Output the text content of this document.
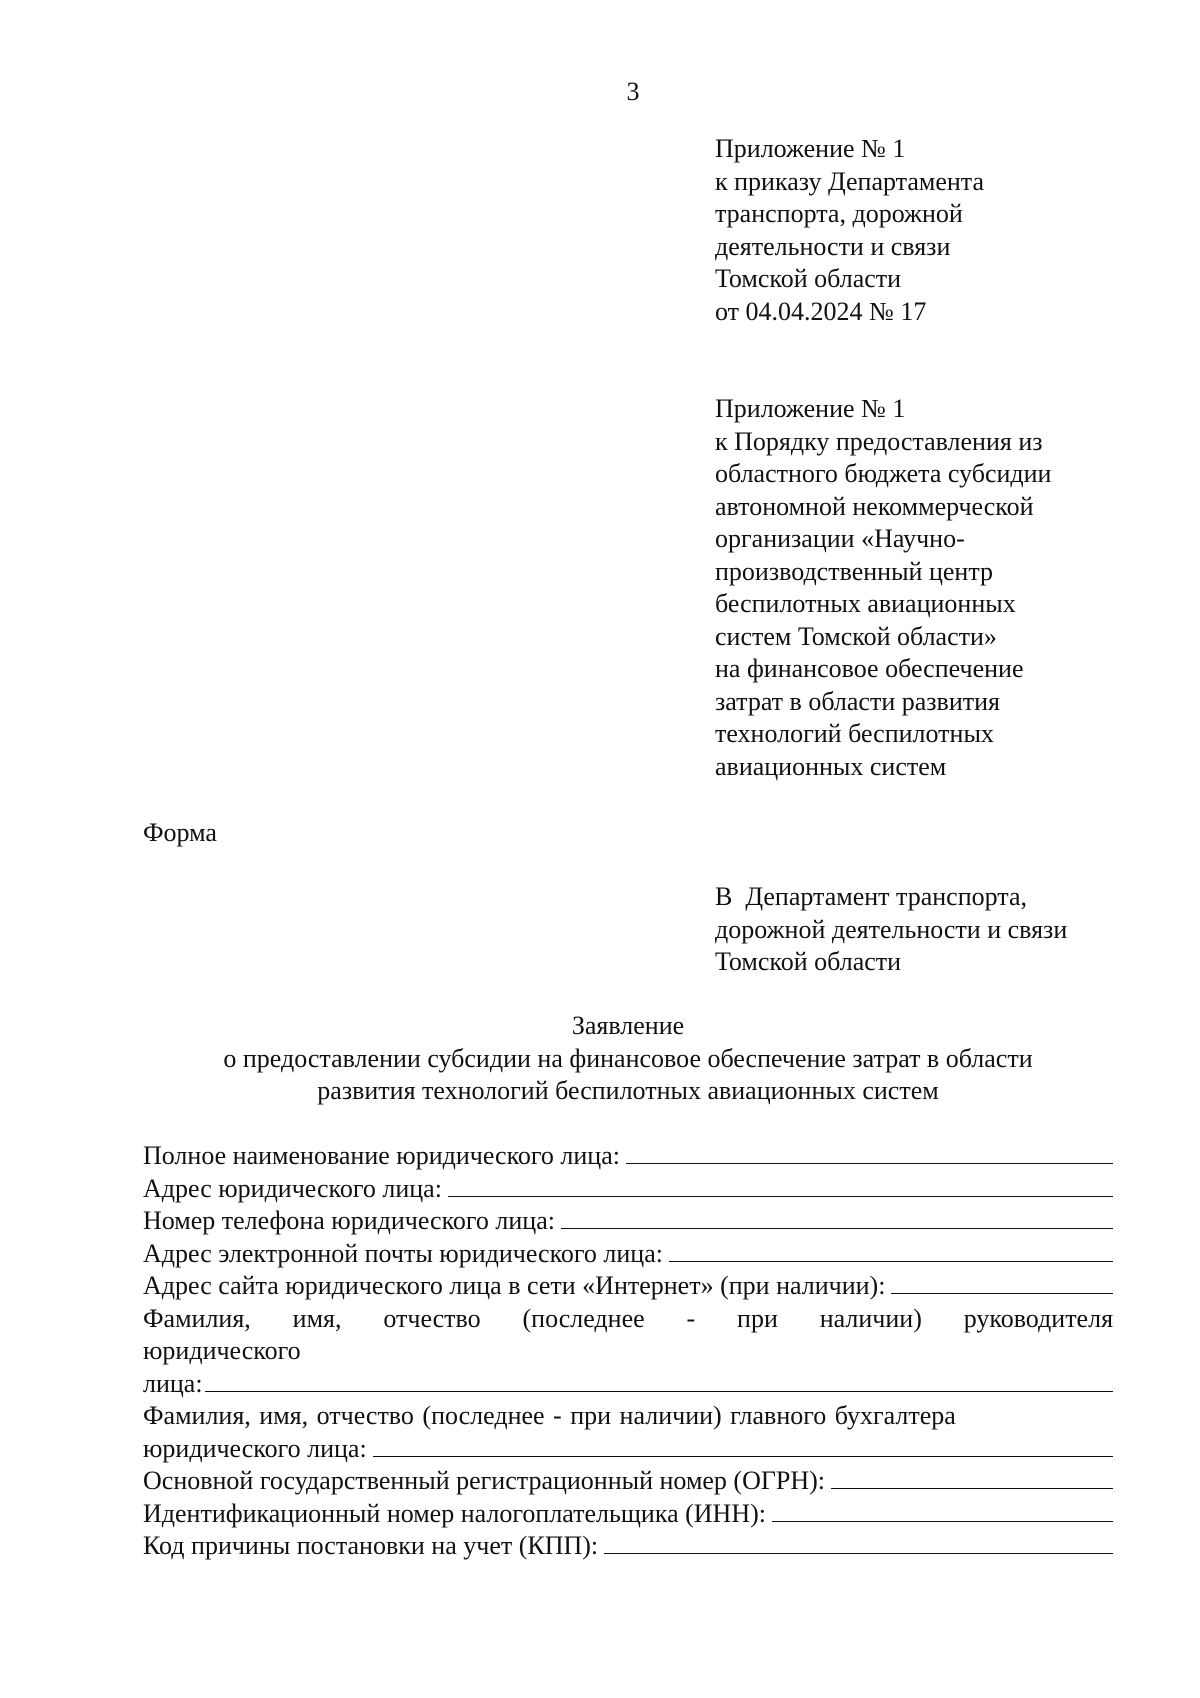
3
Приложение № 1
к приказу Департамента
транспорта, дорожной
деятельности и связи
Томской области
от 04.04.2024 № 17
Приложение № 1
к Порядку предоставления из
областного бюджета субсидии
автономной некоммерческой
организации «Научно-
производственный центр
беспилотных авиационных
систем Томской области»
на финансовое обеспечение
затрат в области развития
технологий беспилотных
авиационных систем
Форма
В  Департамент транспорта,
дорожной деятельности и связи
Томской области
Заявление
о предоставлении субсидии на финансовое обеспечение затрат в области
развития технологий беспилотных авиационных систем
Полное наименование юридического лица:
Адрес юридического лица:
Номер телефона юридического лица:
Адрес электронной почты юридического лица:
Адрес сайта юридического лица в сети «Интернет» (при наличии):
Фамилия, имя, отчество (последнее - при наличии) руководителя
юридического
лица:
Фамилия, имя, отчество (последнее - при наличии) главного бухгалтера
юридического лица:
Основной государственный регистрационный номер (ОГРН):
Идентификационный номер налогоплательщика (ИНН):
Код причины постановки на учет (КПП):
